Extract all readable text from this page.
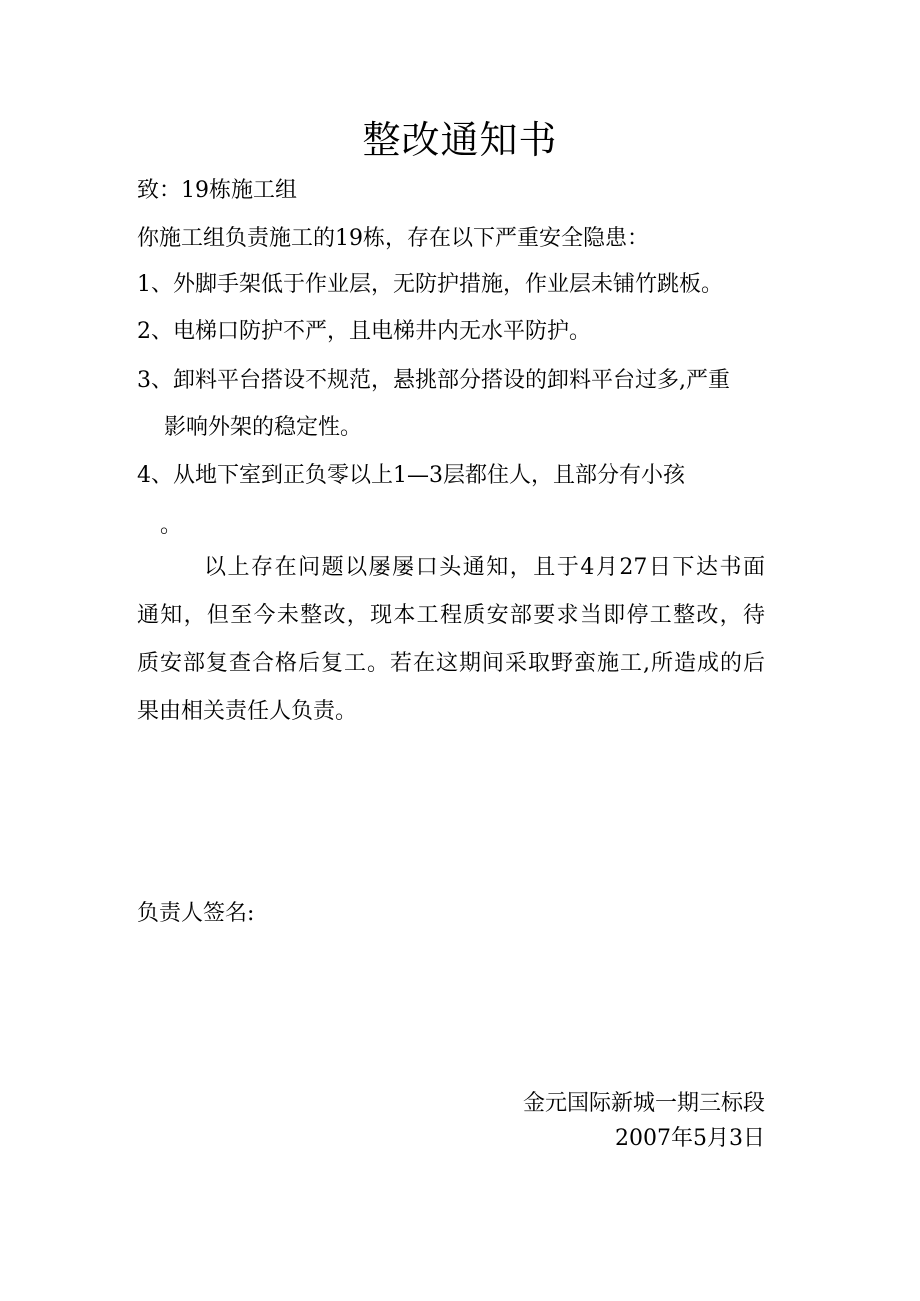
整改通知书
致：19栋施工组
你施工组负责施工的19栋，存在以下严重安全隐患：
1、外脚手架低于作业层，无防护措施，作业层未铺竹跳板。
2、电梯口防护不严，且电梯井内无水平防护。
3、卸料平台搭设不规范，悬挑部分搭设的卸料平台过多,严重
影响外架的稳定性。
4、从地下室到正负零以上1—3层都住人，且部分有小孩
。
以上存在问题以屡屡口头通知，且于4月27日下达书面
通知，但至今未整改，现本工程质安部要求当即停工整改，待
质安部复查合格后复工。若在这期间采取野蛮施工,所造成的后
果由相关责任人负责。
负责人签名:
金元国际新城一期三标段
2007年5月3日
